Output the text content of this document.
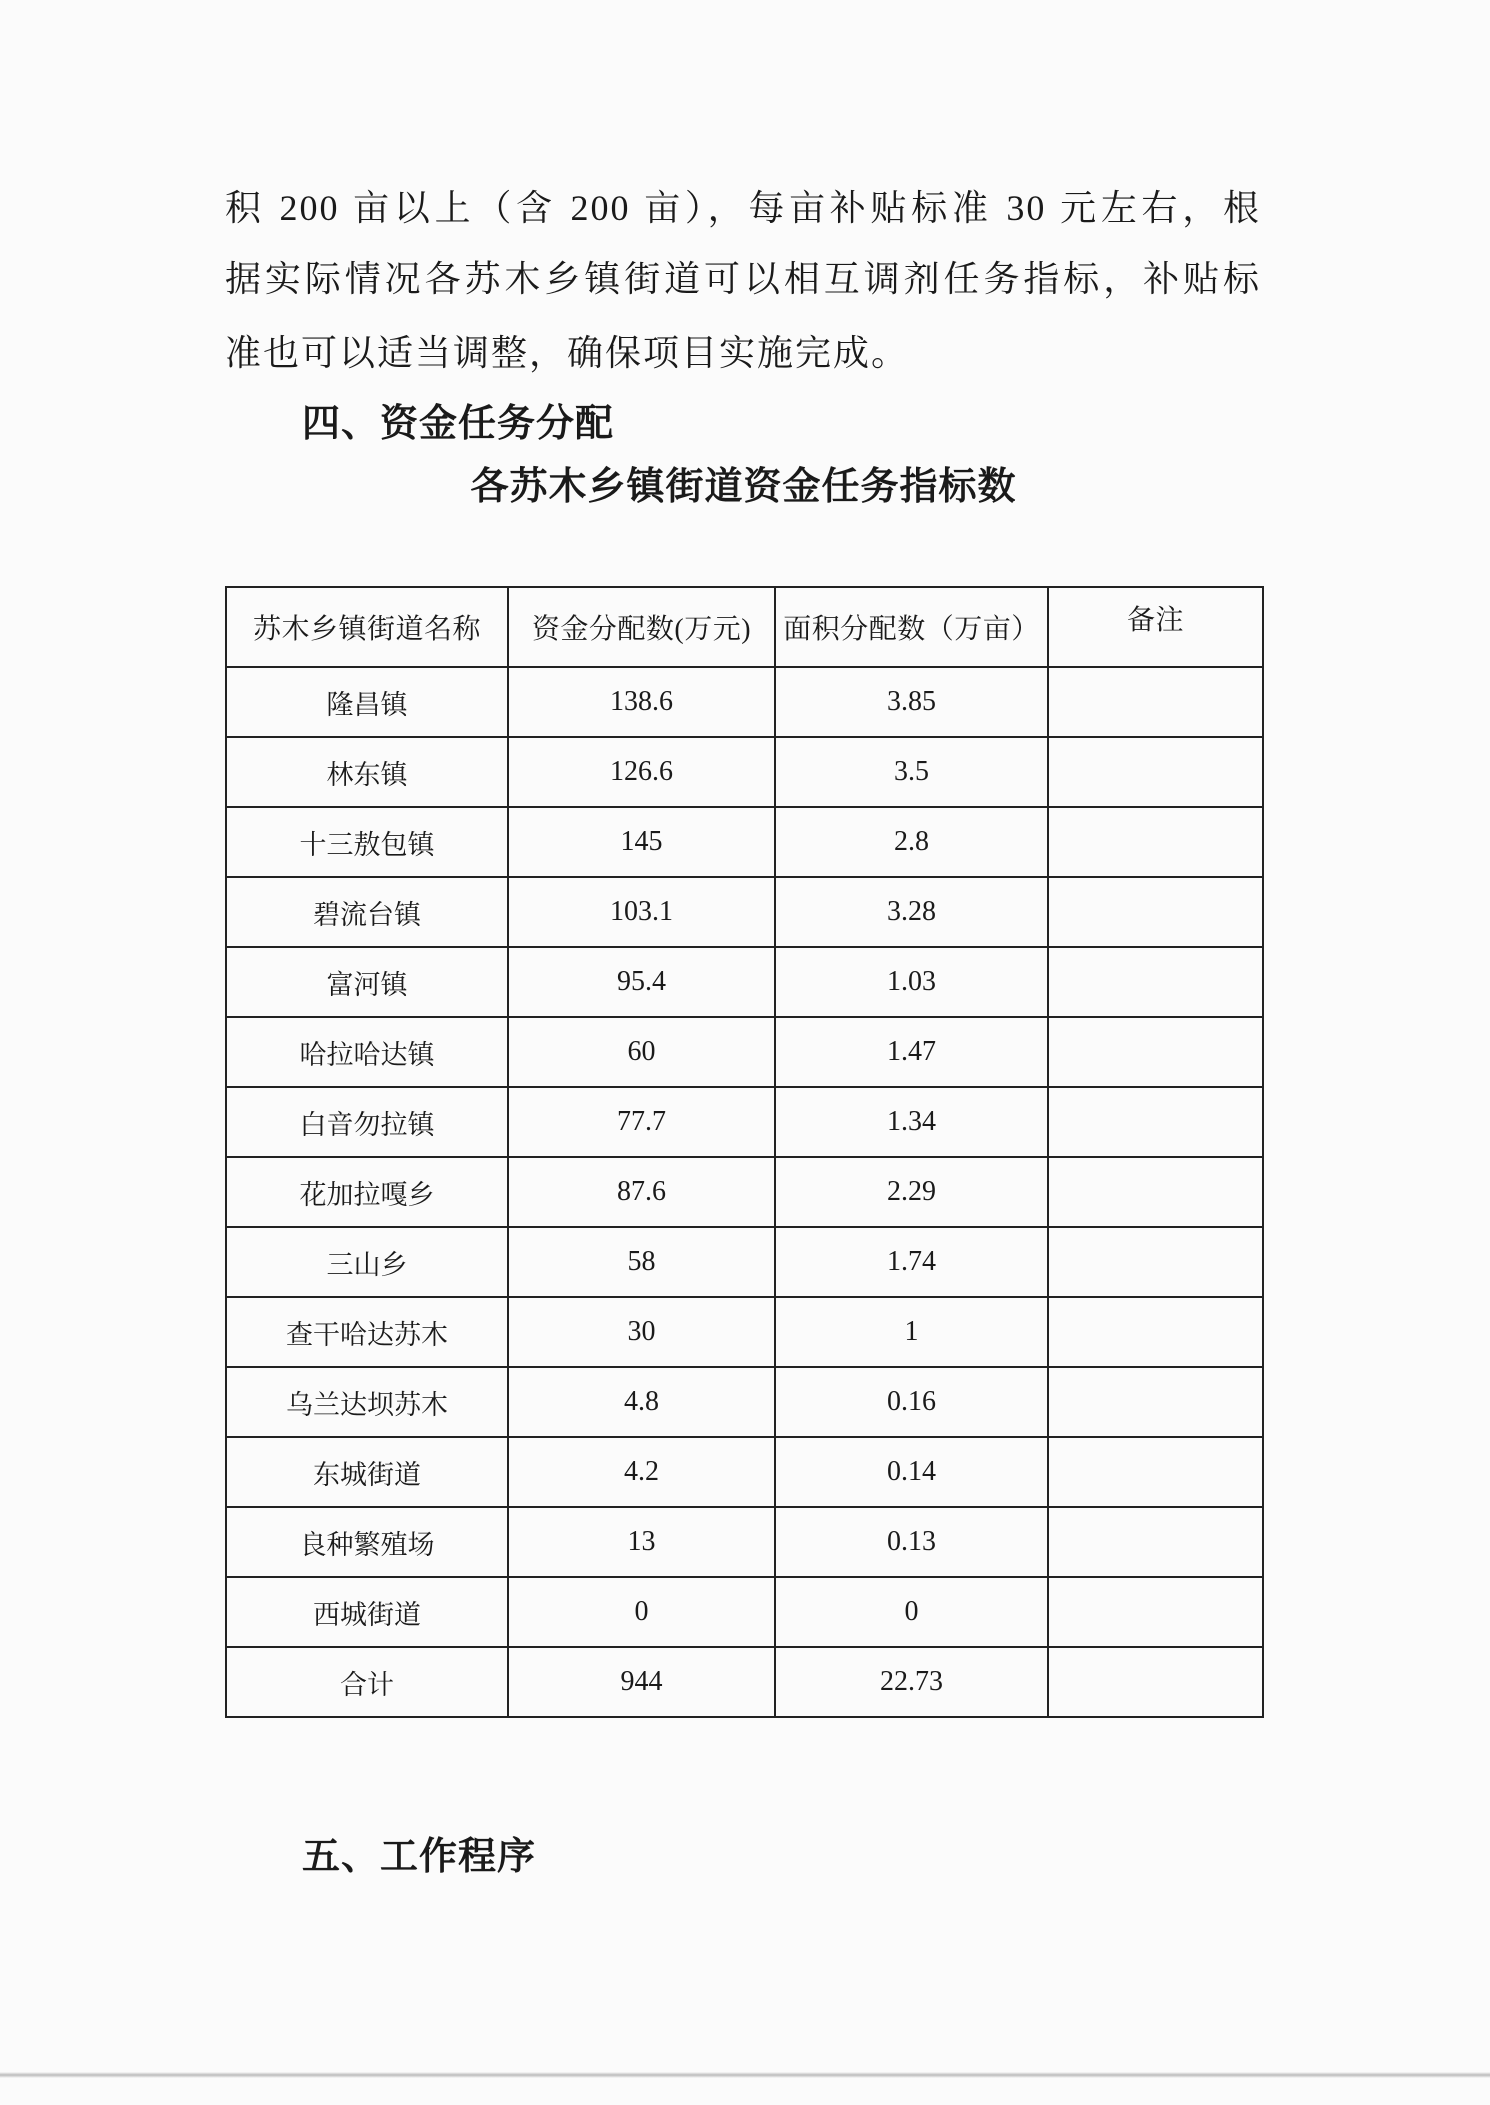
积 200 亩以上（含 200 亩），每亩补贴标准 30 元左右，根
据实际情况各苏木乡镇街道可以相互调剂任务指标，补贴标
准也可以适当调整，确保项目实施完成。
四、资金任务分配
各苏木乡镇街道资金任务指标数
苏木乡镇街道名称	资金分配数(万元)	面积分配数（万亩）	备注
隆昌镇	138.6	3.85	
林东镇	126.6	3.5	
十三敖包镇	145	2.8	
碧流台镇	103.1	3.28	
富河镇	95.4	1.03	
哈拉哈达镇	60	1.47	
白音勿拉镇	77.7	1.34	
花加拉嘎乡	87.6	2.29	
三山乡	58	1.74	
查干哈达苏木	30	1	
乌兰达坝苏木	4.8	0.16	
东城街道	4.2	0.14	
良种繁殖场	13	0.13	
西城街道	0	0	
合计	944	22.73	
五、工作程序
